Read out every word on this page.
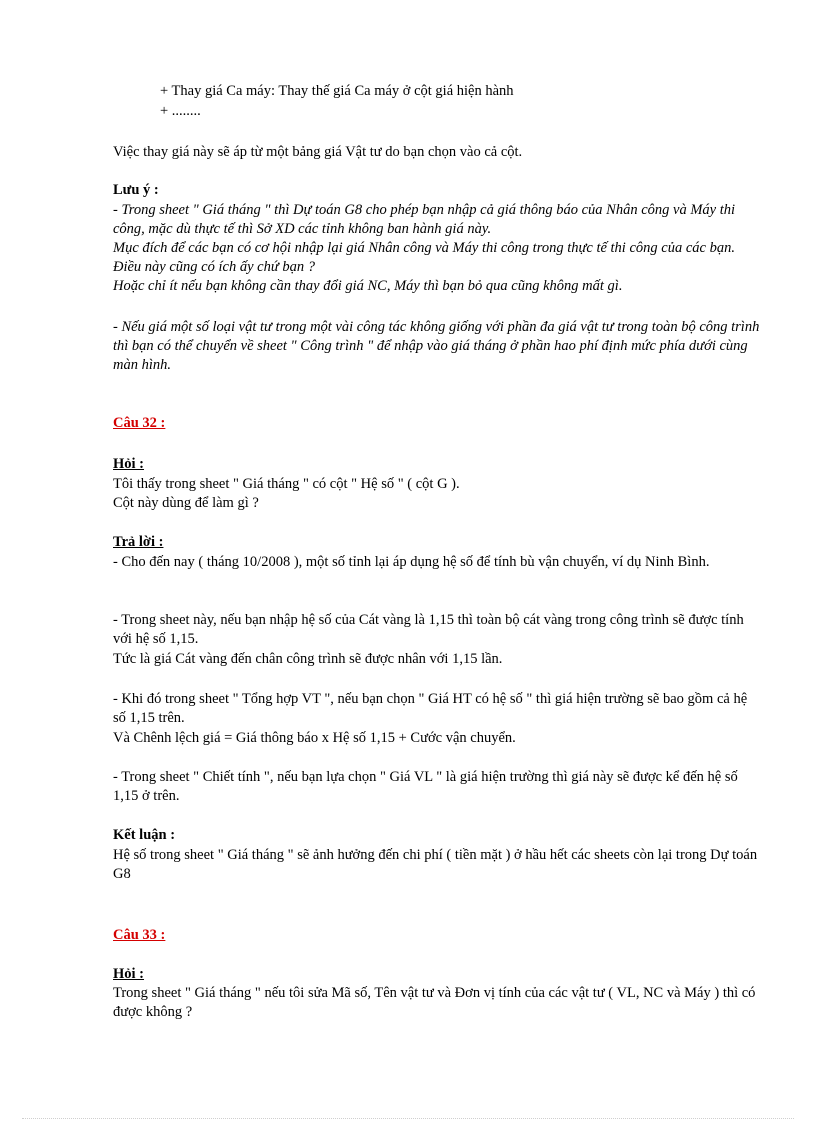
+ Thay giá Ca máy: Thay thế giá Ca máy ở cột giá hiện hành

+ ........

Việc thay giá này sẽ áp từ một bảng giá Vật tư do bạn chọn vào cả cột.

Lưu ý :

- Trong sheet " Giá tháng " thì Dự toán G8 cho phép bạn nhập cả giá thông báo của Nhân công và Máy thi công, mặc dù thực tế thì Sở XD các tỉnh không ban hành giá này.

Mục đích để các bạn có cơ hội nhập lại giá Nhân công và Máy thi công trong thực tế thi công của các bạn. Điều này cũng có ích ấy chứ bạn ?

Hoặc chỉ ít nếu bạn không cần thay đổi giá NC, Máy thì bạn bỏ qua cũng không mất gì.

- Nếu giá một số loại vật tư trong một vài công tác không giống với phần đa giá vật tư trong toàn bộ công trình thì bạn có thể chuyển về sheet " Công trình " để nhập vào giá tháng ở phần hao phí định mức phía dưới cùng màn hình.

Câu 32 :

Hỏi :

Tôi thấy trong sheet " Giá tháng " có cột " Hệ số " ( cột G ).

Cột này dùng để làm gì ?

Trả lời :

- Cho đến nay ( tháng 10/2008 ), một số tỉnh lại áp dụng hệ số để tính bù vận chuyển, ví dụ Ninh Bình.

- Trong sheet này, nếu bạn nhập hệ số của Cát vàng là 1,15 thì toàn bộ cát vàng trong công trình sẽ được tính với hệ số 1,15.

Tức là giá Cát vàng đến chân công trình sẽ được nhân với 1,15 lần.

- Khi đó trong sheet " Tổng hợp VT ", nếu bạn chọn " Giá HT có hệ số " thì giá hiện trường sẽ bao gồm cả hệ số 1,15 trên.

Và Chênh lệch giá = Giá thông báo x Hệ số 1,15 + Cước vận chuyển.

- Trong sheet " Chiết tính ", nếu bạn lựa chọn " Giá VL " là giá hiện trường thì giá này sẽ được kể đến hệ số 1,15 ở trên.

Kết luận :

Hệ số trong sheet " Giá tháng " sẽ ảnh hưởng đến chi phí ( tiền mặt ) ở hầu hết các sheets còn lại trong Dự toán G8

Câu 33 :

Hỏi :

Trong sheet " Giá tháng " nếu tôi sửa Mã số, Tên vật tư và Đơn vị tính của các vật tư ( VL, NC và Máy ) thì có được không ?
